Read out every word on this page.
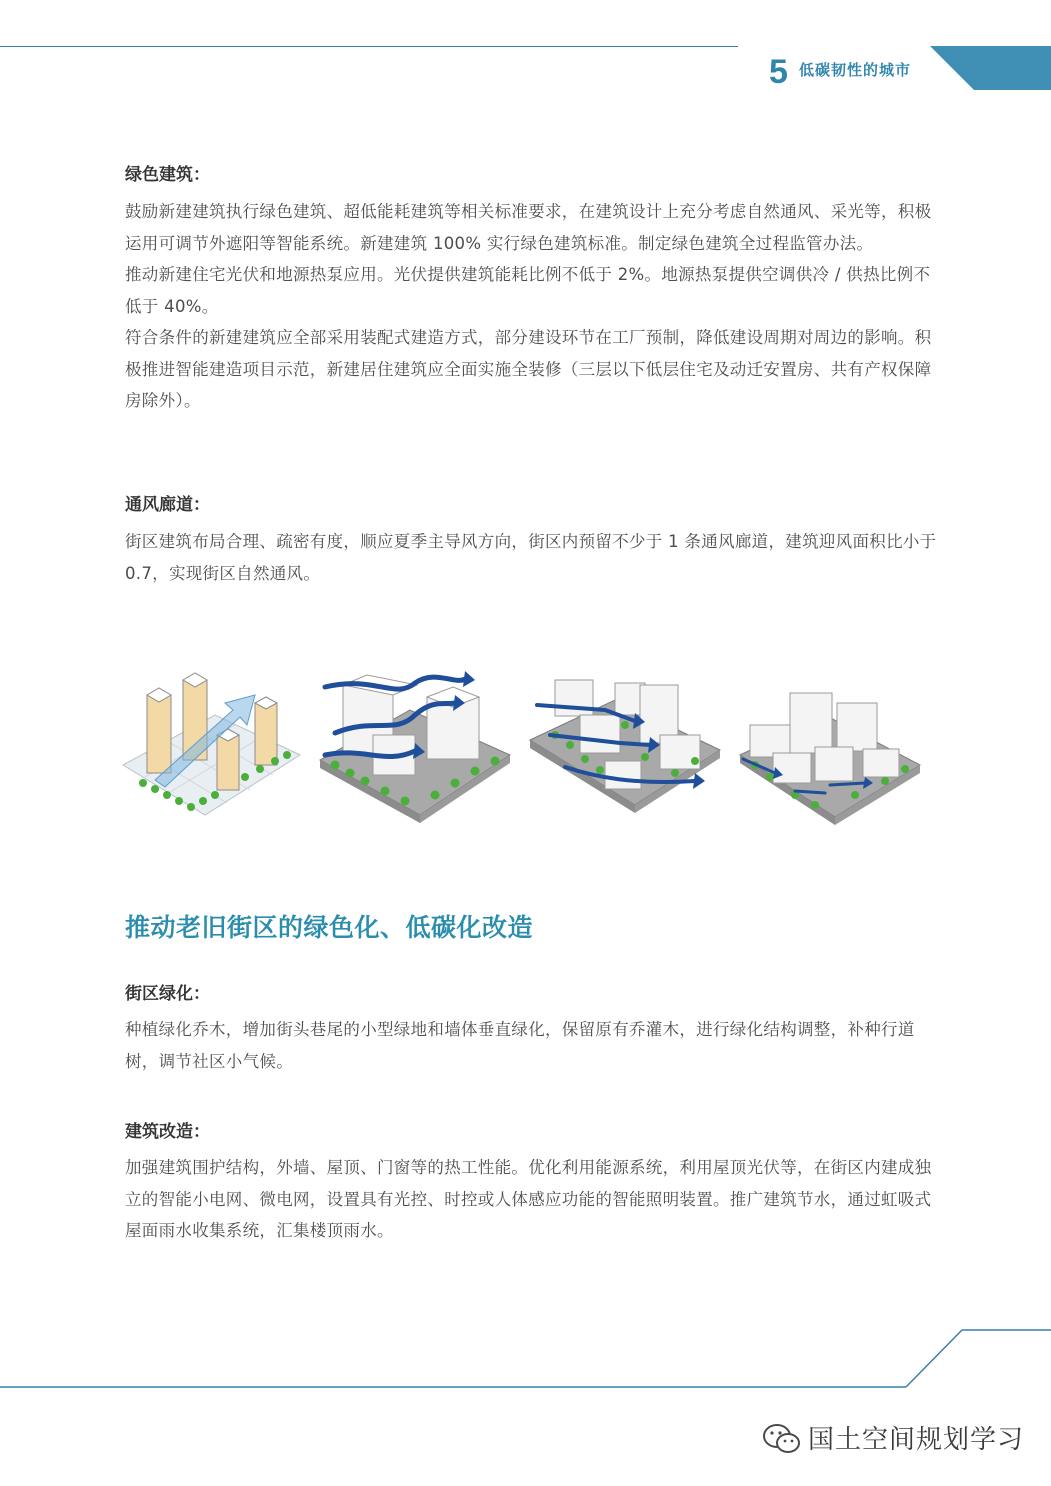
5 低碳韧性的城市
绿色建筑：

鼓励新建建筑执行绿色建筑、超低能耗建筑等相关标准要求，在建筑设计上充分考虑自然通风、采光等，积极运用可调节外遮阳等智能系统。新建建筑 100% 实行绿色建筑标准。制定绿色建筑全过程监管办法。

推动新建住宅光伏和地源热泵应用。光伏提供建筑能耗比例不低于 2%。地源热泵提供空调供冷 / 供热比例不低于 40%。

符合条件的新建建筑应全部采用装配式建造方式，部分建设环节在工厂预制，降低建设周期对周边的影响。积极推进智能建造项目示范，新建居住建筑应全面实施全装修（三层以下低层住宅及动迁安置房、共有产权保障房除外）。

通风廊道：

街区建筑布局合理、疏密有度，顺应夏季主导风方向，街区内预留不少于 1 条通风廊道，建筑迎风面积比小于 0.7，实现街区自然通风。

推动老旧街区的绿色化、低碳化改造
街区绿化：

种植绿化乔木，增加街头巷尾的小型绿地和墙体垂直绿化，保留原有乔灌木，进行绿化结构调整，补种行道树，调节社区小气候。

建筑改造：

加强建筑围护结构，外墙、屋顶、门窗等的热工性能。优化利用能源系统，利用屋顶光伏等，在街区内建成独立的智能小电网、微电网，设置具有光控、时控或人体感应功能的智能照明装置。推广建筑节水，通过虹吸式屋面雨水收集系统，汇集楼顶雨水。

国土空间规划学习
